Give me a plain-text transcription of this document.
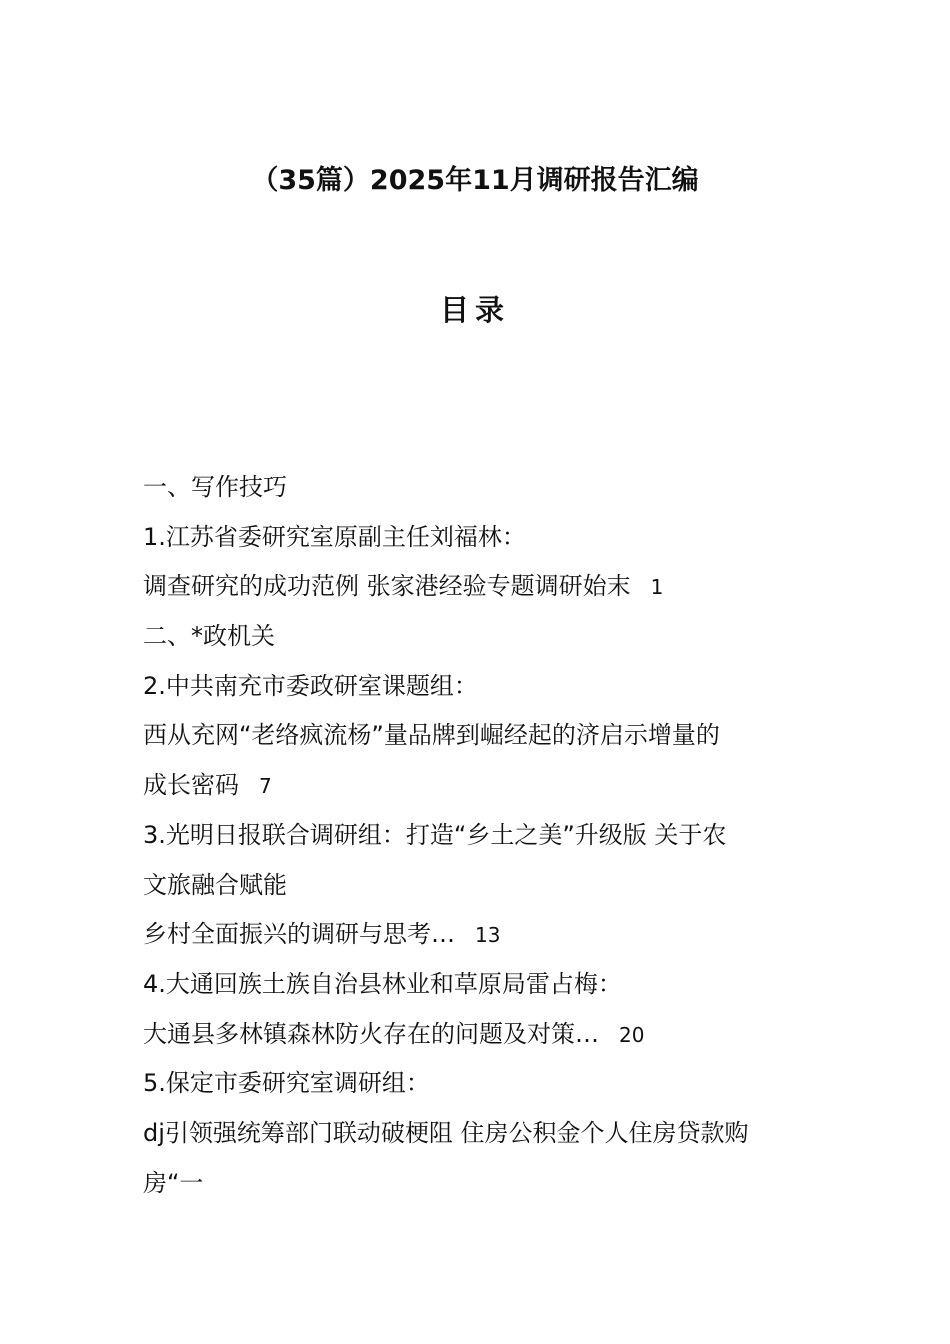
（35篇）2025年11月调研报告汇编
目录
一、写作技巧
1.江苏省委研究室原副主任刘福林：
调查研究的成功范例 张家港经验专题调研始末 1
二、*政机关
2.中共南充市委政研室课题组：
西从充网“老络疯流杨”量品牌到崛经起的济启示增量的
成长密码 7
3.光明日报联合调研组：打造“乡土之美”升级版 关于农
文旅融合赋能
乡村全面振兴的调研与思考… 13
4.大通回族土族自治县林业和草原局雷占梅：
大通县多林镇森林防火存在的问题及对策… 20
5.保定市委研究室调研组：
dj引领强统筹部门联动破梗阻 住房公积金个人住房贷款购
房“一
